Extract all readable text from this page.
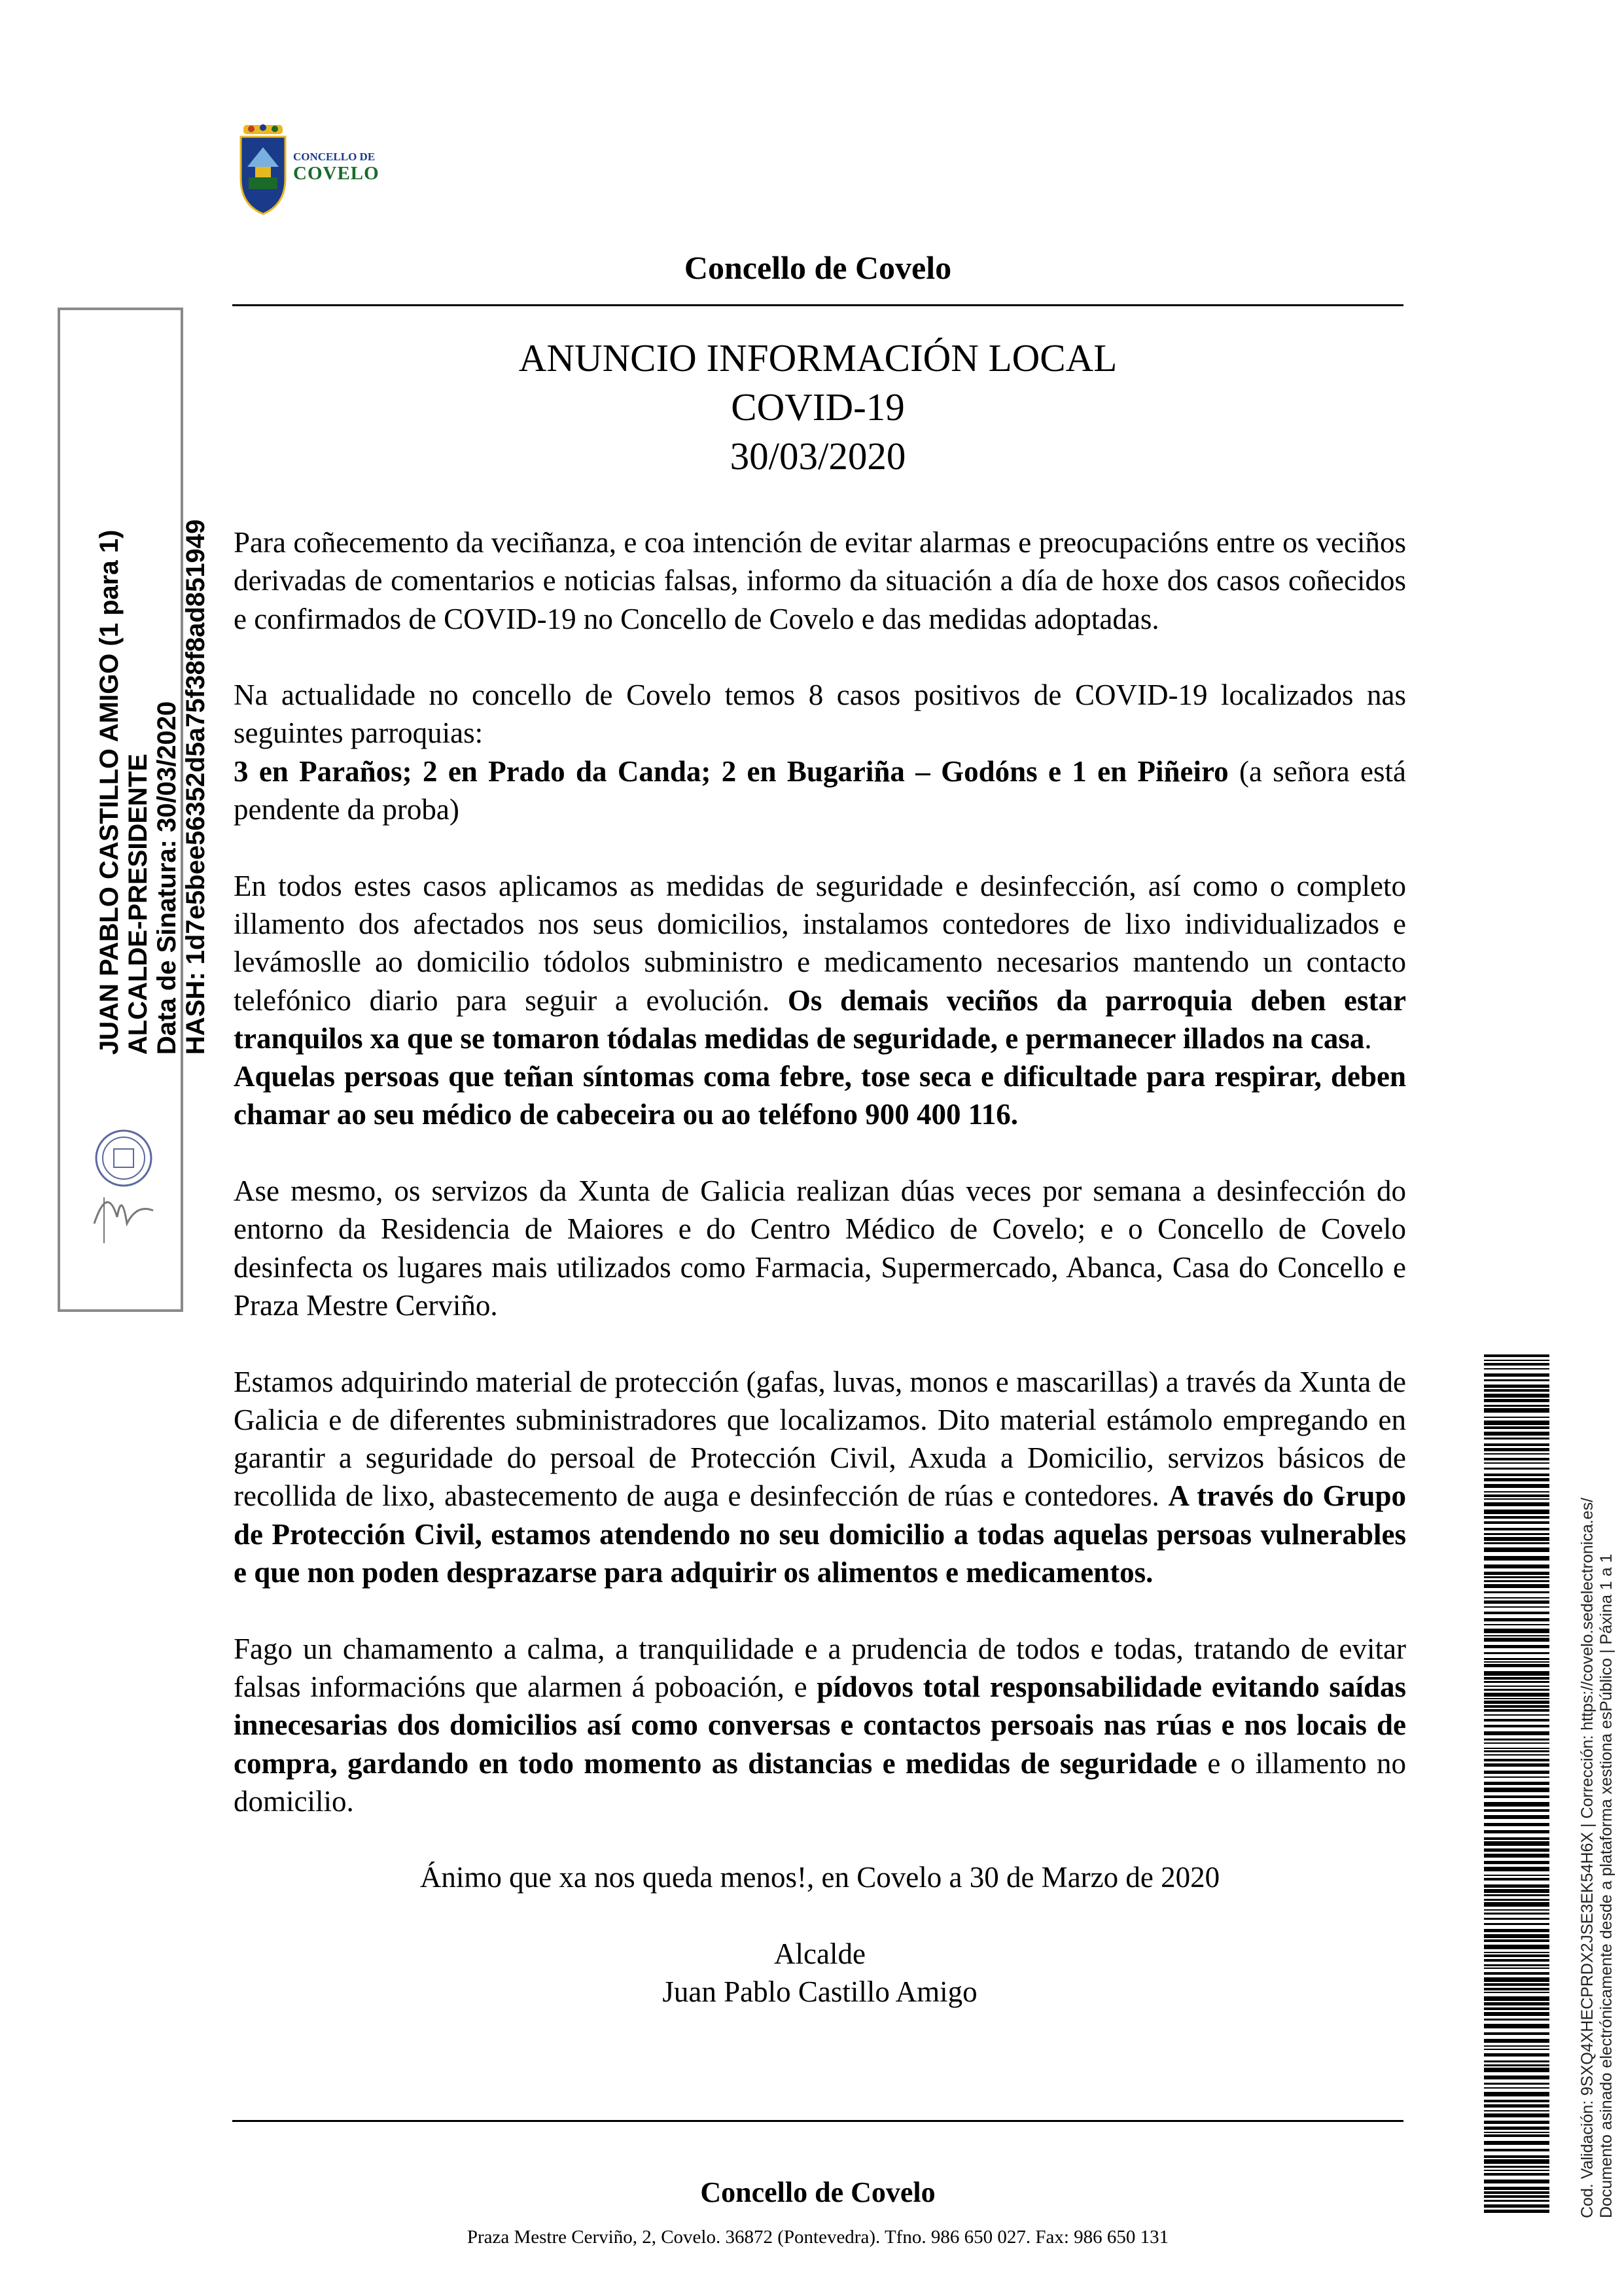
CONCELLO DE
COVELO
Concello de Covelo
ANUNCIO INFORMACIÓN LOCAL
COVID-19
30/03/2020

Para coñecemento da veciñanza, e coa intención de evitar alarmas e preocupacións entre os veciños derivadas de comentarios e noticias falsas, informo da situación a día de hoxe dos casos coñecidos e confirmados de COVID-19 no Concello de Covelo e das medidas adoptadas.

Na actualidade no concello de Covelo temos 8 casos positivos de COVID-19 localizados nas seguintes parroquias:
3 en Paraños; 2 en Prado da Canda; 2 en Bugariña – Godóns e 1 en Piñeiro (a señora está pendente da proba)

En todos estes casos aplicamos as medidas de seguridade e desinfección, así como o completo illamento dos afectados nos seus domicilios, instalamos contedores de lixo individualizados e levámoslle ao domicilio tódolos subministro e medicamento necesarios mantendo un contacto telefónico diario para seguir a evolución. Os demais veciños da parroquia deben estar tranquilos xa que se tomaron tódalas medidas de seguridade, e permanecer illados na casa.

Aquelas persoas que teñan síntomas coma febre, tose seca e dificultade para respirar, deben chamar ao seu médico de cabeceira ou ao teléfono 900 400 116.

Ase mesmo, os servizos da Xunta de Galicia realizan dúas veces por semana a desinfección do entorno da Residencia de Maiores e do Centro Médico de Covelo; e o Concello de Covelo desinfecta os lugares mais utilizados como Farmacia, Supermercado, Abanca, Casa do Concello e Praza Mestre Cerviño.

Estamos adquirindo material de protección (gafas, luvas, monos e mascarillas) a través da Xunta de Galicia e de diferentes subministradores que localizamos. Dito material estámolo empregando en garantir a seguridade do persoal de Protección Civil, Axuda a Domicilio, servizos básicos de recollida de lixo, abastecemento de auga e desinfección de rúas e contedores. A través do Grupo de Protección Civil, estamos atendendo no seu domicilio a todas aquelas persoas vulnerables e que non poden desprazarse para adquirir os alimentos e medicamentos.

Fago un chamamento a calma, a tranquilidade e a prudencia de todos e todas, tratando de evitar falsas informacións que alarmen á poboación, e pídovos total responsabilidade evitando saídas innecesarias dos domicilios así como conversas e contactos persoais nas rúas e nos locais de compra, gardando en todo momento as distancias e medidas de seguridade e o illamento no domicilio.

Ánimo que xa nos queda menos!, en Covelo a 30 de Marzo de 2020

Alcalde

Juan Pablo Castillo Amigo

Concello de Covelo
Praza Mestre Cerviño, 2, Covelo. 36872 (Pontevedra). Tfno. 986 650 027. Fax: 986 650 131
JUAN PABLO CASTILLO AMIGO (1 para 1) ALCALDE-PRESIDENTE Data de Sinatura: 30/03/2020 HASH: 1d7e5bee56352d5a75f38f8ad851949
Cod. Validación: 9SXQ4XHECPRDX2JSE3EK54H6X | Corrección: https://covelo.sedelectronica.es/ Documento asinado electrónicamente desde a plataforma xestiona esPúblico | Páxina 1 a 1
